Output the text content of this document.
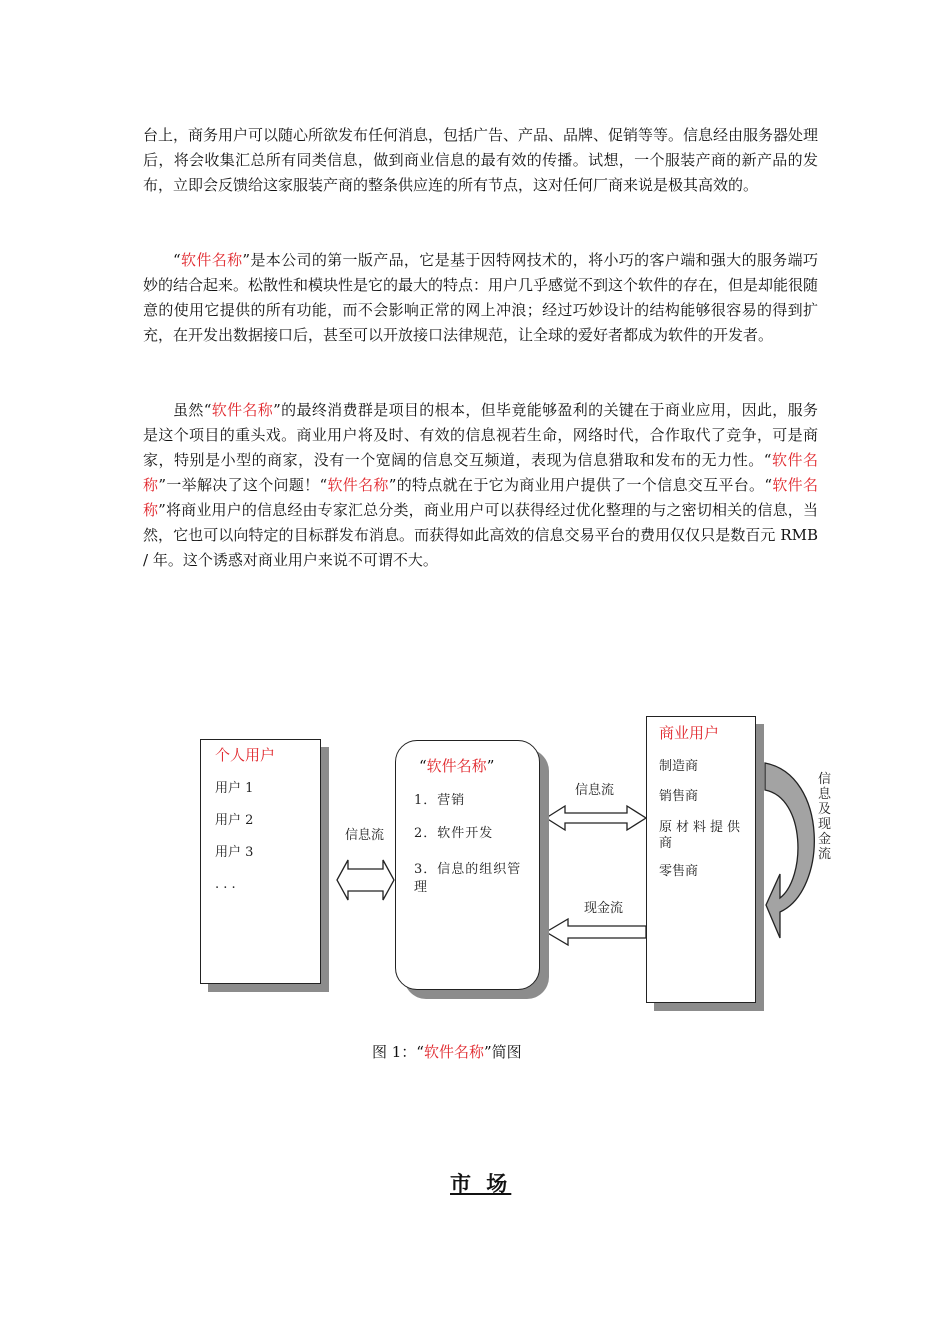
台上，商务用户可以随心所欲发布任何消息，包括广告、产品、品牌、促销等等。信息经由服务器处理后，将会收集汇总所有同类信息，做到商业信息的最有效的传播。试想，一个服装产商的新产品的发布，立即会反馈给这家服装产商的整条供应连的所有节点，这对任何厂商来说是极其高效的。

“软件名称”是本公司的第一版产品，它是基于因特网技术的，将小巧的客户端和强大的服务端巧妙的结合起来。松散性和模块性是它的最大的特点：用户几乎感觉不到这个软件的存在，但是却能很随意的使用它提供的所有功能，而不会影响正常的网上冲浪；经过巧妙设计的结构能够很容易的得到扩充，在开发出数据接口后，甚至可以开放接口法律规范，让全球的爱好者都成为软件的开发者。

虽然“软件名称”的最终消费群是项目的根本，但毕竟能够盈利的关键在于商业应用，因此，服务是这个项目的重头戏。商业用户将及时、有效的信息视若生命，网络时代，合作取代了竞争，可是商家，特别是小型的商家，没有一个宽阔的信息交互频道，表现为信息猎取和发布的无力性。“软件名称”一举解决了这个问题！“软件名称”的特点就在于它为商业用户提供了一个信息交互平台。“软件名称”将商业用户的信息经由专家汇总分类，商业用户可以获得经过优化整理的与之密切相关的信息，当然，它也可以向特定的目标群发布消息。而获得如此高效的信息交易平台的费用仅仅只是数百元 RMB / 年。这个诱惑对商业用户来说不可谓不大。

个人用户
用户 1
用户 2
用户 3
. . .
信息流
“软件名称”
1．营销
2．软件开发
3．信息的组织管理
信息流
现金流
商业用户
制造商
销售商
原材料提供商
零售商
信息及现金流
图 1：“软件名称”简图
市 场
